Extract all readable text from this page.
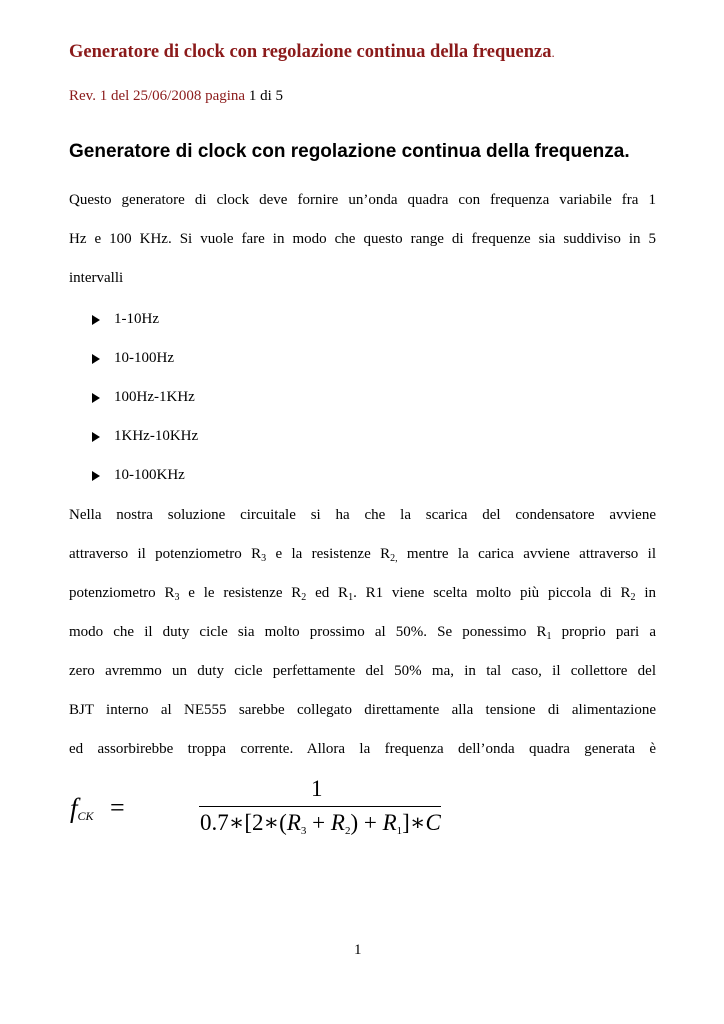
Generatore di clock con regolazione continua della frequenza.
Rev. 1 del 25/06/2008 pagina 1 di 5
Generatore di clock con regolazione continua della frequenza.
Questo generatore di clock deve fornire un’onda quadra con frequenza variabile fra 1
Hz e 100 KHz. Si vuole fare in modo che questo range di frequenze sia suddiviso in 5
intervalli
1-10Hz
10-100Hz
100Hz-1KHz
1KHz-10KHz
10-100KHz
Nella nostra soluzione circuitale si ha che la scarica del condensatore avviene
attraverso il potenziometro $R_3$ e la resistenze $R_{2,}$ mentre la carica avviene attraverso il
potenziometro $R_3$ e le resistenze $R_2$ ed $R_1$. R1 viene scelta molto più piccola di $R_2$ in
modo che il duty cicle sia molto prossimo al 50%. Se ponessimo $R_1$ proprio pari a
zero avremmo un duty cicle perfettamente del 50% ma, in tal caso, il collettore del
BJT interno al NE555 sarebbe collegato direttamente alla tensione di alimentazione
ed assorbirebbe troppa corrente. Allora la frequenza dell’onda quadra generata è
$f_{CK}$ =
1
$0.7∗[2∗(R_3 + R_2)$ + $R_1]∗C$
1
